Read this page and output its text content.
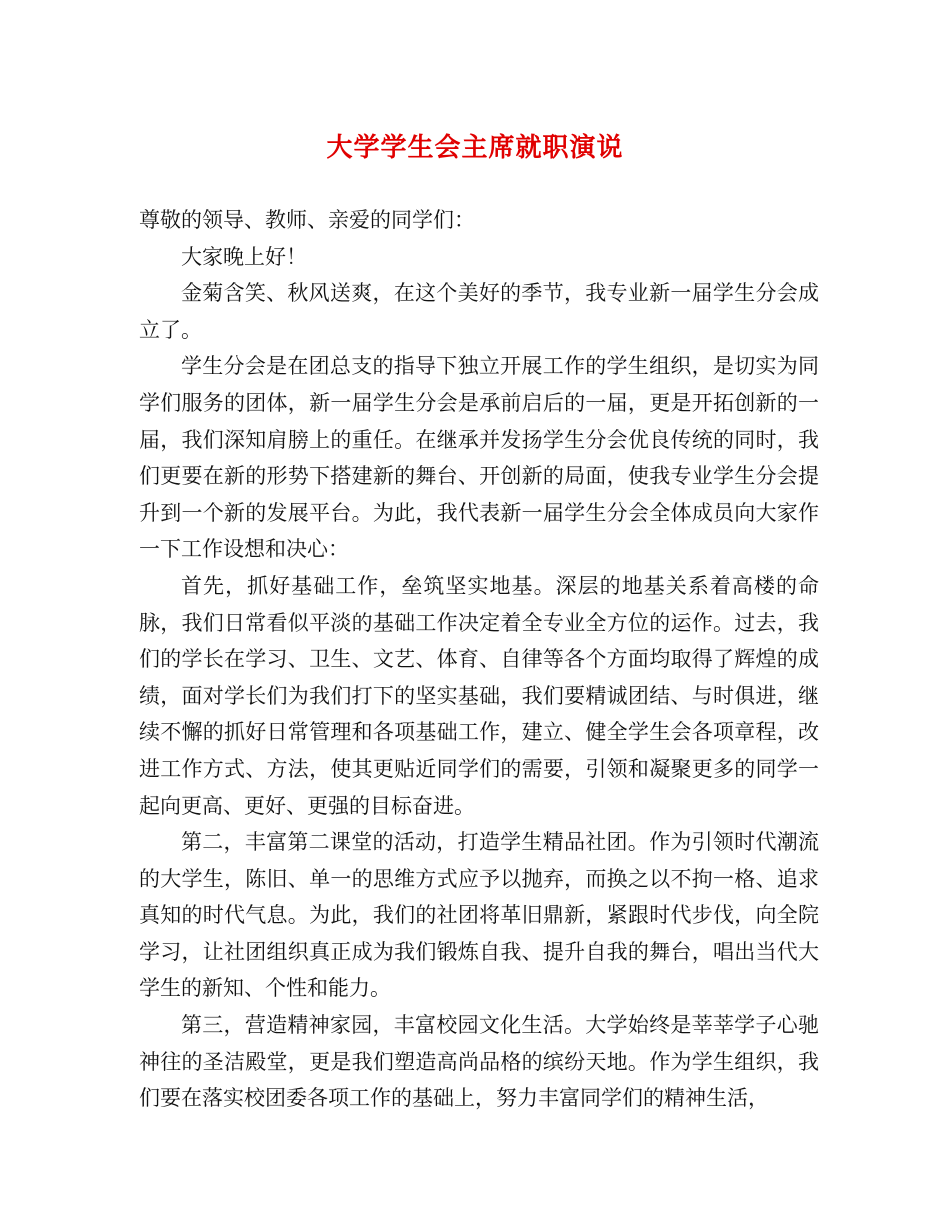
大学学生会主席就职演说

尊敬的领导、教师、亲爱的同学们：

大家晚上好！

金菊含笑、秋风送爽，在这个美好的季节，我专业新一届学生分会成立了。

学生分会是在团总支的指导下独立开展工作的学生组织，是切实为同学们服务的团体，新一届学生分会是承前启后的一届，更是开拓创新的一届，我们深知肩膀上的重任。在继承并发扬学生分会优良传统的同时，我们更要在新的形势下搭建新的舞台、开创新的局面，使我专业学生分会提升到一个新的发展平台。为此，我代表新一届学生分会全体成员向大家作一下工作设想和决心：

首先，抓好基础工作，垒筑坚实地基。深层的地基关系着高楼的命脉，我们日常看似平淡的基础工作决定着全专业全方位的运作。过去，我们的学长在学习、卫生、文艺、体育、自律等各个方面均取得了辉煌的成绩，面对学长们为我们打下的坚实基础，我们要精诚团结、与时俱进，继续不懈的抓好日常管理和各项基础工作，建立、健全学生会各项章程，改进工作方式、方法，使其更贴近同学们的需要，引领和凝聚更多的同学一起向更高、更好、更强的目标奋进。

第二，丰富第二课堂的活动，打造学生精品社团。作为引领时代潮流的大学生，陈旧、单一的思维方式应予以抛弃，而换之以不拘一格、追求真知的时代气息。为此，我们的社团将革旧鼎新，紧跟时代步伐，向全院学习，让社团组织真正成为我们锻炼自我、提升自我的舞台，唱出当代大学生的新知、个性和能力。

第三，营造精神家园，丰富校园文化生活。大学始终是莘莘学子心驰神往的圣洁殿堂，更是我们塑造高尚品格的缤纷天地。作为学生组织，我们要在落实校团委各项工作的基础上，努力丰富同学们的精神生活，
